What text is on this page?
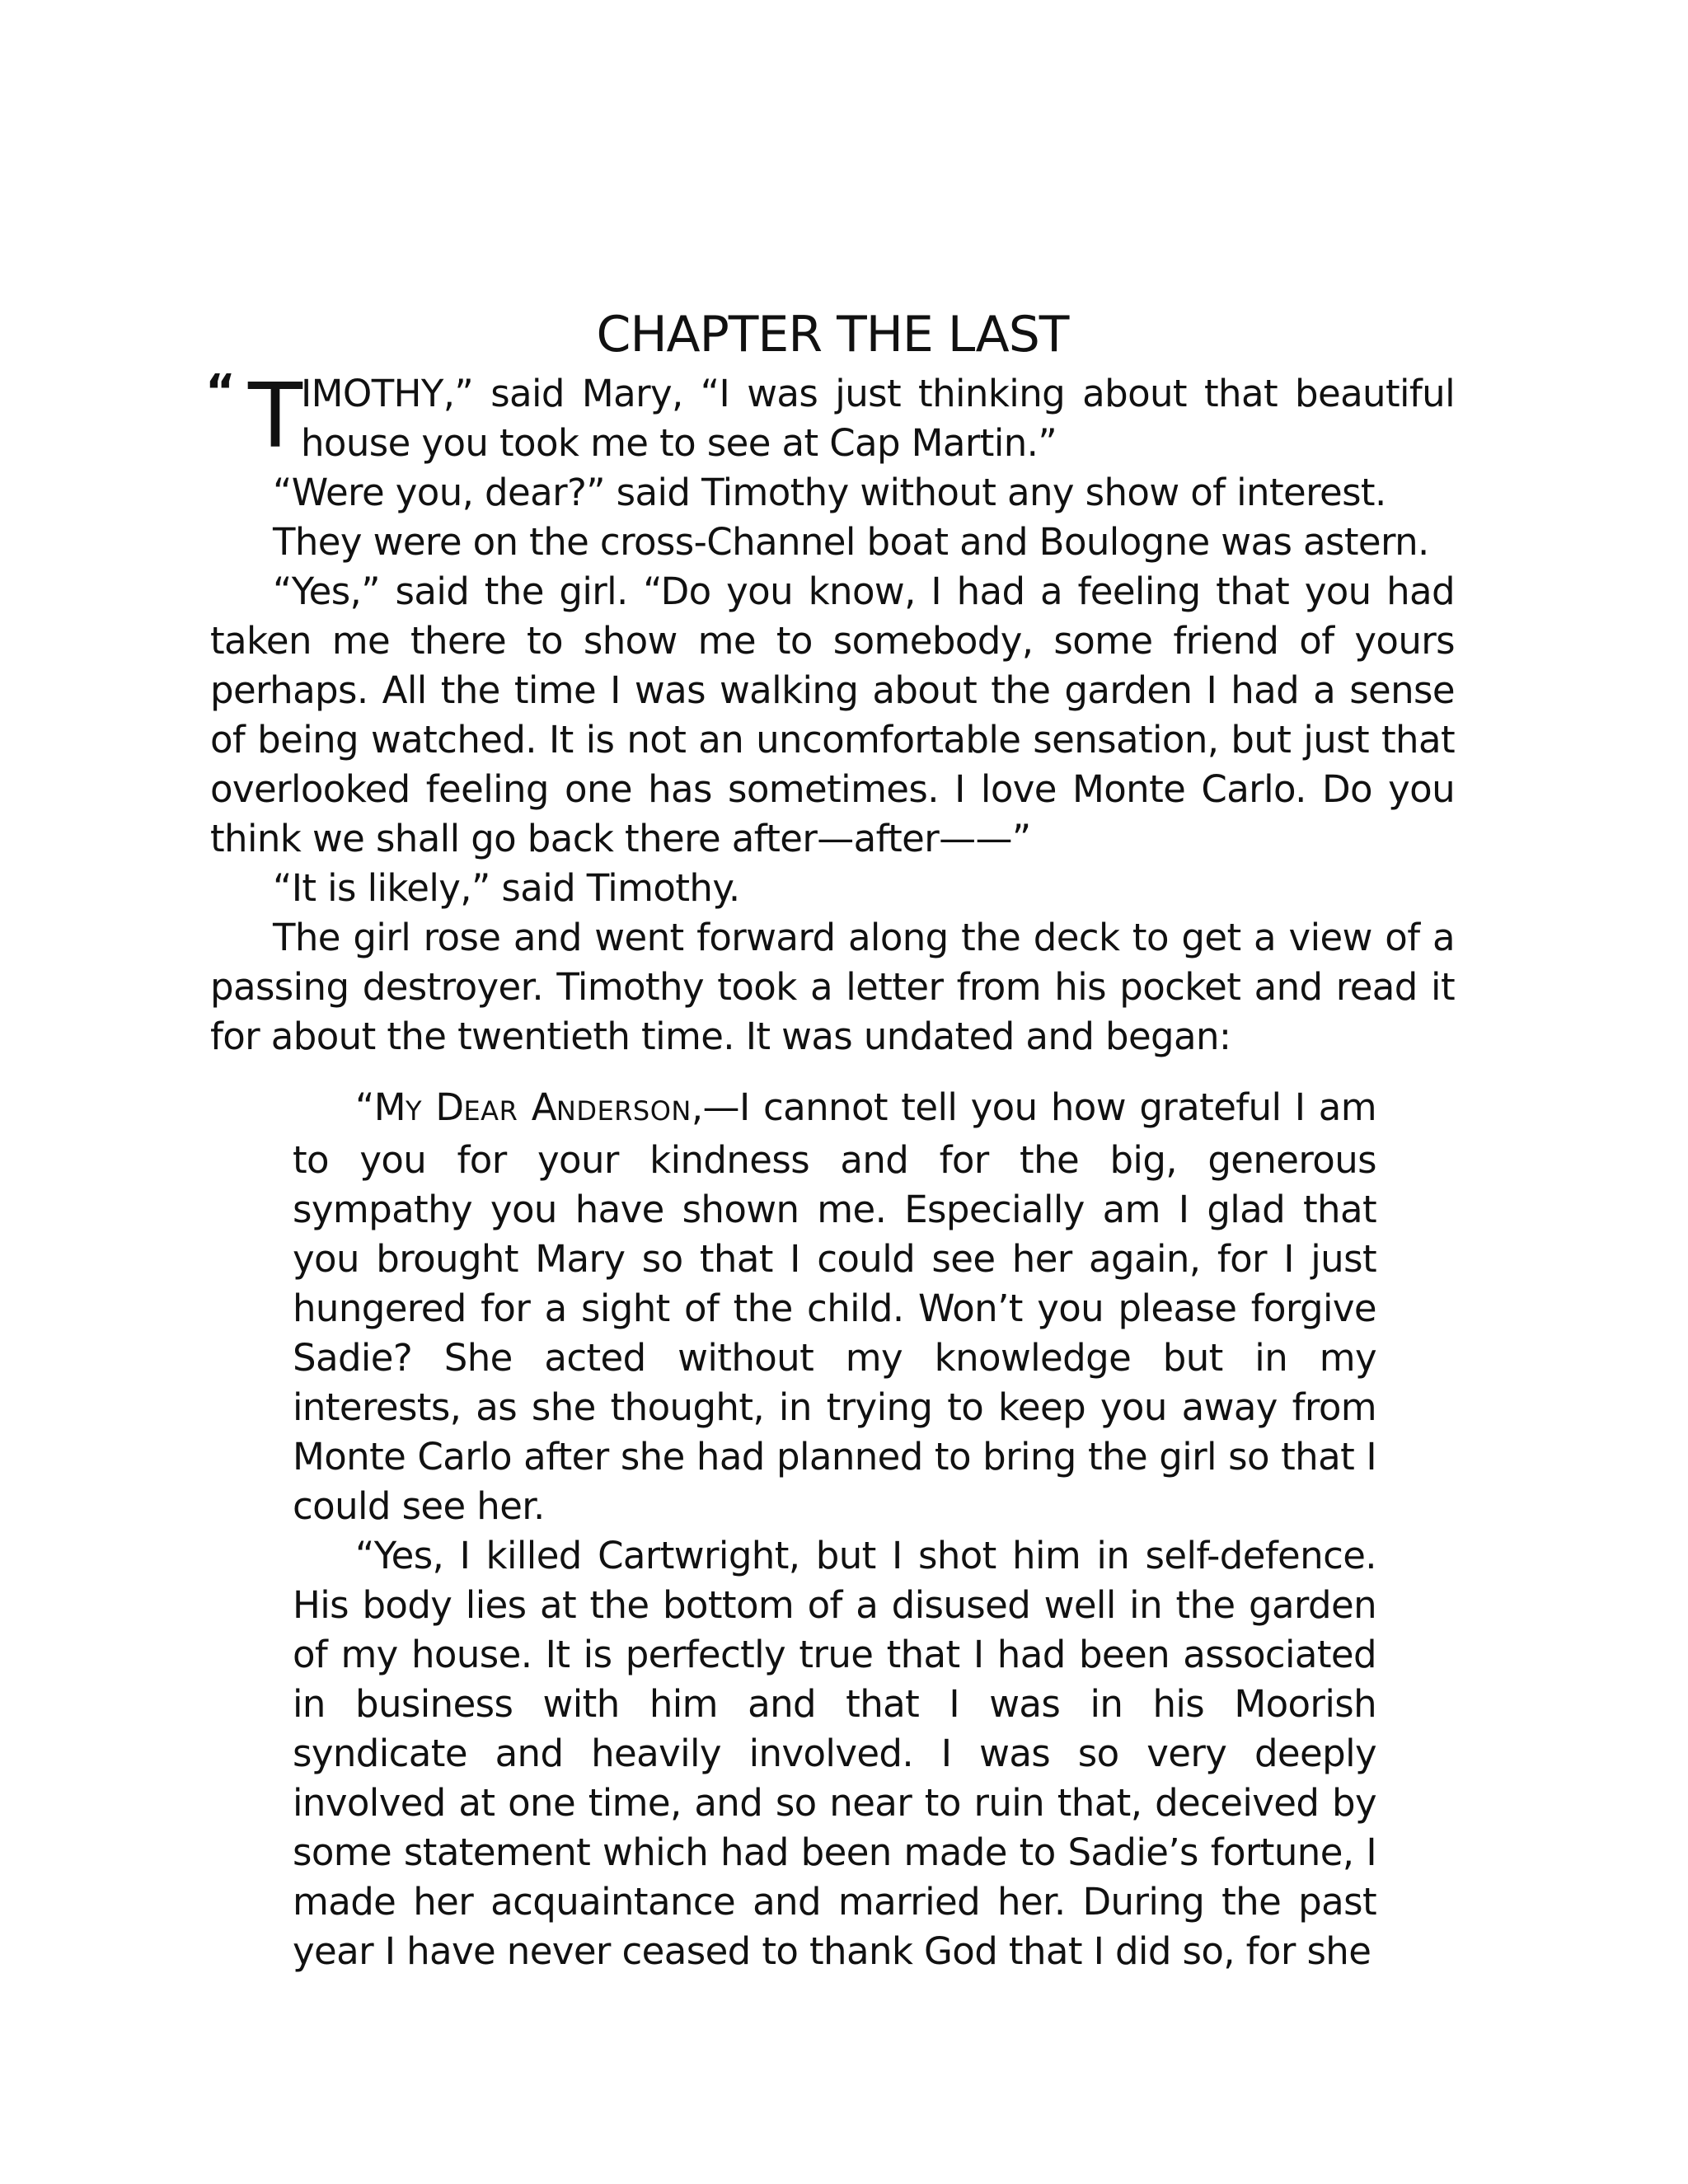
CHAPTER THE LAST

“ T
IMOTHY,” said Mary, “I was just thinking about that beautiful house you took me to see at Cap Martin.”

“Were you, dear?” said Timothy without any show of interest.

They were on the cross-Channel boat and Boulogne was astern.

“Yes,” said the girl. “Do you know, I had a feeling that you had taken me there to show me to somebody, some friend of yours perhaps. All the time I was walking about the garden I had a sense of being watched. It is not an uncomfortable sensation, but just that overlooked feeling one has sometimes. I love Monte Carlo. Do you think we shall go back there after—after——”

“It is likely,” said Timothy.

The girl rose and went forward along the deck to get a view of a passing destroyer. Timothy took a letter from his pocket and read it for about the twentieth time. It was undated and began:

“MY DEAR ANDERSON,—I cannot tell you how grateful I am to you for your kindness and for the big, generous sympathy you have shown me. Especially am I glad that you brought Mary so that I could see her again, for I just hungered for a sight of the child. Won’t you please forgive Sadie? She acted without my knowledge but in my interests, as she thought, in trying to keep you away from Monte Carlo after she had planned to bring the girl so that I could see her.

“Yes, I killed Cartwright, but I shot him in self-defence. His body lies at the bottom of a disused well in the garden of my house. It is perfectly true that I had been associated in business with him and that I was in his Moorish syndicate and heavily involved. I was so very deeply involved at one time, and so near to ruin that, deceived by some statement which had been made to Sadie’s fortune, I made her acquaintance and married her. During the past year I have never ceased to thank God that I did so, for she
